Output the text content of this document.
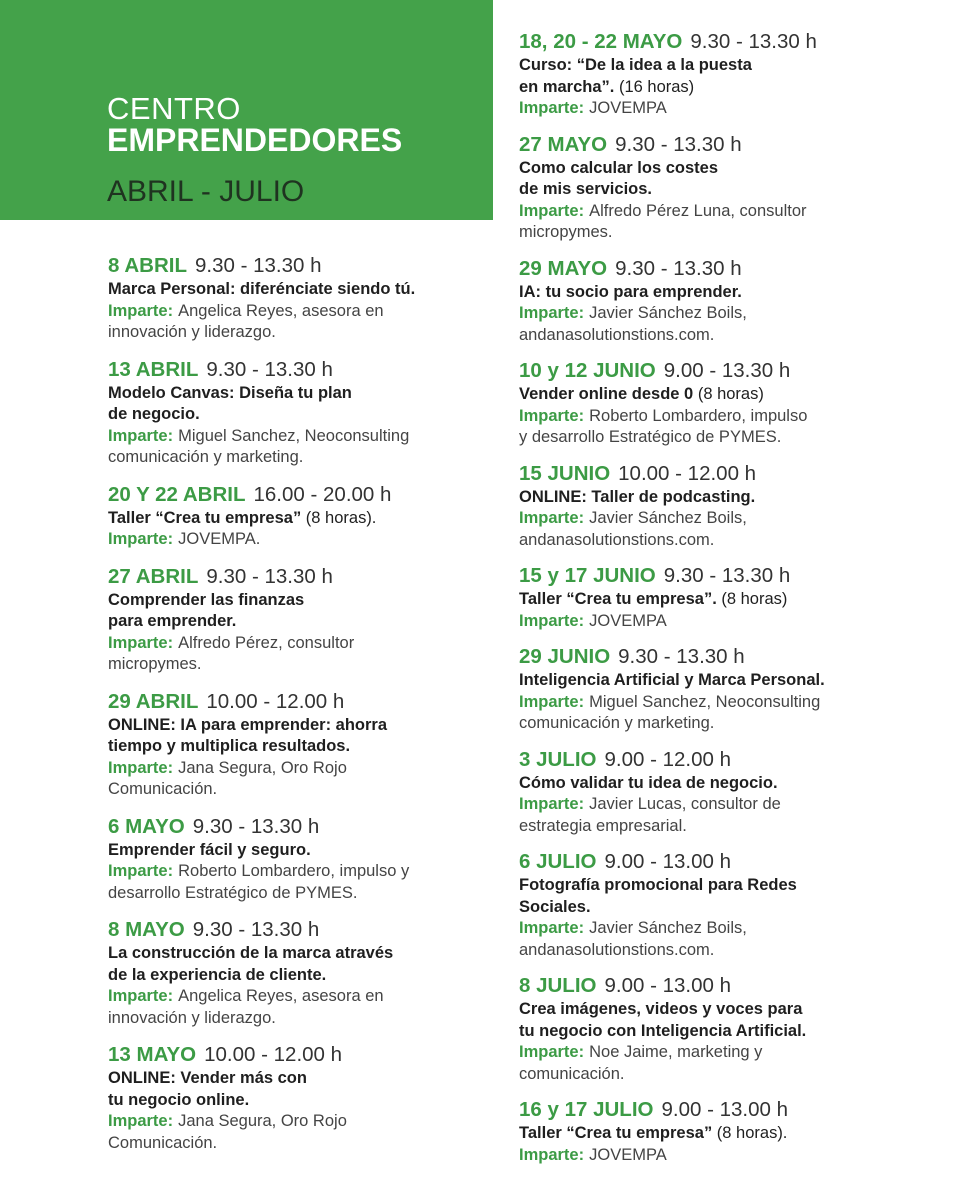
CENTRO
EMPRENDEDORES
ABRIL - JULIO
8 ABRIL 9.30 - 13.30 h
Marca Personal: diferénciate siendo tú.
Imparte: Angelica Reyes, asesora en
innovación y liderazgo.
13 ABRIL 9.30 - 13.30 h
Modelo Canvas: Diseña tu plan
de negocio.
Imparte: Miguel Sanchez, Neoconsulting
comunicación y marketing.
20 Y 22 ABRIL 16.00 - 20.00 h
Taller “Crea tu empresa” (8 horas).
Imparte: JOVEMPA.
27 ABRIL 9.30 - 13.30 h
Comprender las finanzas
para emprender.
Imparte: Alfredo Pérez, consultor
micropymes.
29 ABRIL 10.00 - 12.00 h
ONLINE: IA para emprender: ahorra
tiempo y multiplica resultados.
Imparte: Jana Segura, Oro Rojo
Comunicación.
6 MAYO 9.30 - 13.30 h
Emprender fácil y seguro.
Imparte: Roberto Lombardero, impulso y
desarrollo Estratégico de PYMES.
8 MAYO 9.30 - 13.30 h
La construcción de la marca através
de la experiencia de cliente.
Imparte: Angelica Reyes, asesora en
innovación y liderazgo.
13 MAYO 10.00 - 12.00 h
ONLINE: Vender más con
tu negocio online.
Imparte: Jana Segura, Oro Rojo
Comunicación.
18, 20 - 22 MAYO 9.30 - 13.30 h
Curso: “De la idea a la puesta
en marcha”. (16 horas)
Imparte: JOVEMPA
27 MAYO 9.30 - 13.30 h
Como calcular los costes
de mis servicios.
Imparte: Alfredo Pérez Luna, consultor
micropymes.
29 MAYO 9.30 - 13.30 h
IA: tu socio para emprender.
Imparte: Javier Sánchez Boils,
andanasolutionstions.com.
10 y 12 JUNIO 9.00 - 13.30 h
Vender online desde 0 (8 horas)
Imparte: Roberto Lombardero, impulso
y desarrollo Estratégico de PYMES.
15 JUNIO 10.00 - 12.00 h
ONLINE: Taller de podcasting.
Imparte: Javier Sánchez Boils,
andanasolutionstions.com.
15 y 17 JUNIO 9.30 - 13.30 h
Taller “Crea tu empresa”. (8 horas)
Imparte: JOVEMPA
29 JUNIO 9.30 - 13.30 h
Inteligencia Artificial y Marca Personal.
Imparte: Miguel Sanchez, Neoconsulting
comunicación y marketing.
3 JULIO 9.00 - 12.00 h
Cómo validar tu idea de negocio.
Imparte: Javier Lucas, consultor de
estrategia empresarial.
6 JULIO 9.00 - 13.00 h
Fotografía promocional para Redes
Sociales.
Imparte: Javier Sánchez Boils,
andanasolutionstions.com.
8 JULIO 9.00 - 13.00 h
Crea imágenes, videos y voces para
tu negocio con Inteligencia Artificial.
Imparte: Noe Jaime, marketing y
comunicación.
16 y 17 JULIO 9.00 - 13.00 h
Taller “Crea tu empresa” (8 horas).
Imparte: JOVEMPA
